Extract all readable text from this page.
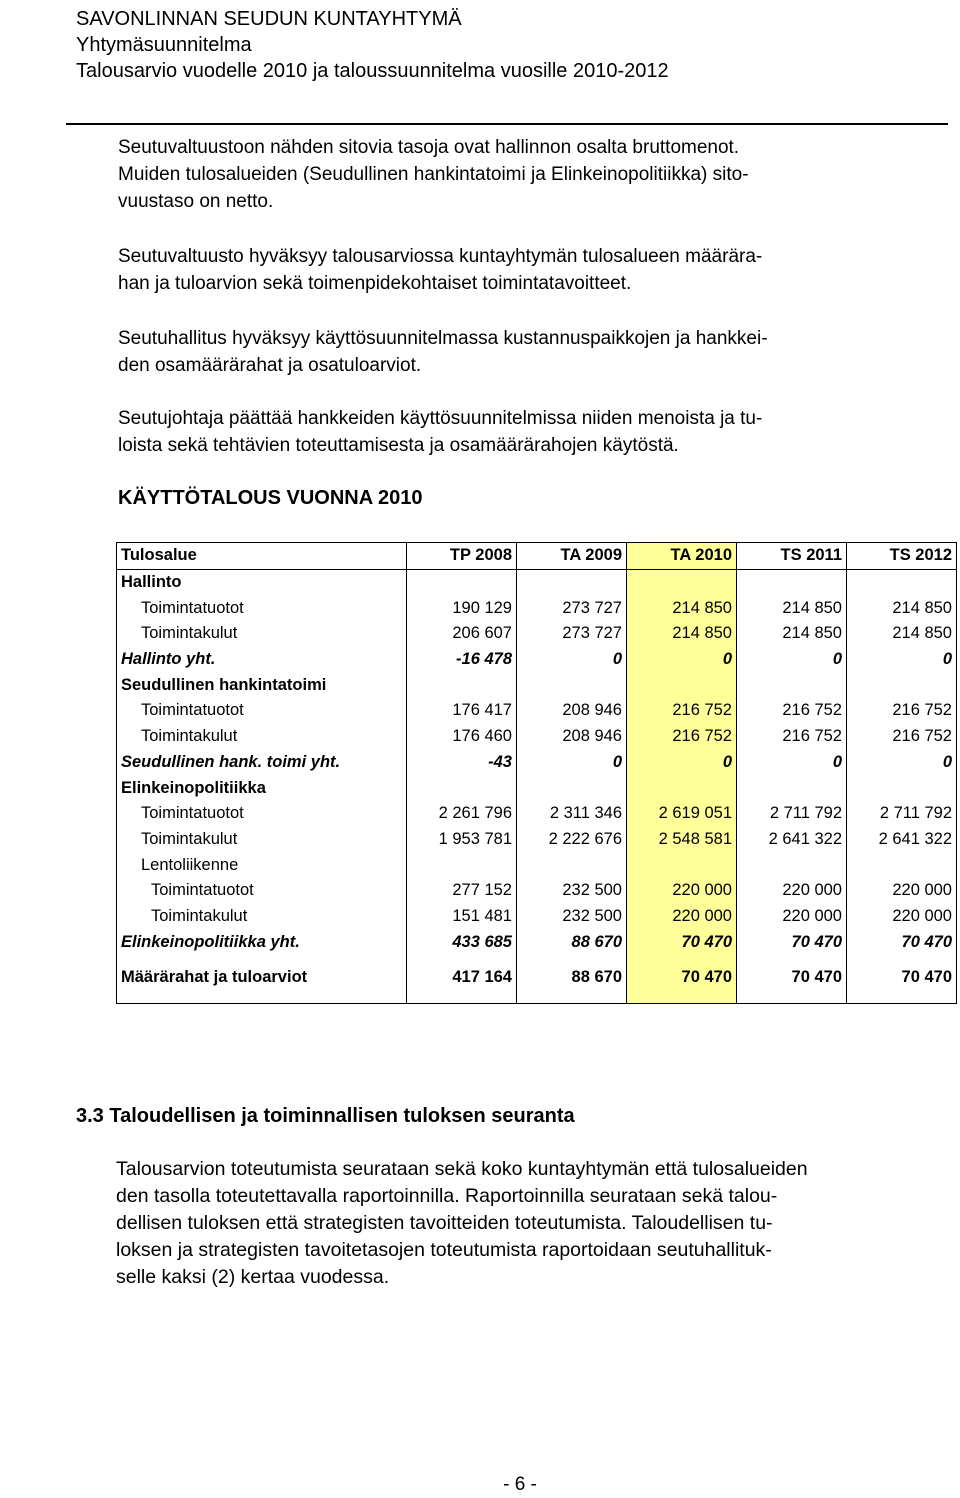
SAVONLINNAN SEUDUN KUNTAYHTYMÄ
Yhtymäsuunnitelma
Talousarvio vuodelle 2010 ja taloussuunnitelma vuosille 2010-2012
Seutuvaltuustoon nähden sitovia tasoja ovat hallinnon osalta bruttomenot.
Muiden tulosalueiden (Seudullinen hankintatoimi ja Elinkeinopolitiikka) sito-
vuustaso on netto.
Seutuvaltuusto hyväksyy talousarviossa kuntayhtymän tulosalueen määrära-
han ja tuloarvion sekä toimenpidekohtaiset toimintatavoitteet.
Seutuhallitus hyväksyy käyttösuunnitelmassa kustannuspaikkojen ja hankkei-
den osamäärärahat ja osatuloarviot.
Seutujohtaja päättää hankkeiden käyttösuunnitelmissa niiden menoista ja tu-
loista sekä tehtävien toteuttamisesta ja osamäärärahojen käytöstä.
KÄYTTÖTALOUS VUONNA 2010
Tulosalue	TP 2008	TA 2009	TA 2010	TS 2011	TS 2012
Hallinto					
Toimintatuotot	190 129	273 727	214 850	214 850	214 850
Toimintakulut	206 607	273 727	214 850	214 850	214 850
Hallinto yht.	-16 478	0	0	0	0
Seudullinen hankintatoimi					
Toimintatuotot	176 417	208 946	216 752	216 752	216 752
Toimintakulut	176 460	208 946	216 752	216 752	216 752
Seudullinen hank. toimi yht.	-43	0	0	0	0
Elinkeinopolitiikka					
Toimintatuotot	2 261 796	2 311 346	2 619 051	2 711 792	2 711 792
Toimintakulut	1 953 781	2 222 676	2 548 581	2 641 322	2 641 322
Lentoliikenne					
Toimintatuotot	277 152	232 500	220 000	220 000	220 000
Toimintakulut	151 481	232 500	220 000	220 000	220 000
Elinkeinopolitiikka yht.	433 685	88 670	70 470	70 470	70 470

Määrärahat ja tuloarviot	417 164	88 670	70 470	70 470	70 470

3.3 Taloudellisen ja toiminnallisen tuloksen seuranta
Talousarvion toteutumista seurataan sekä koko kuntayhtymän että tulosalueiden
den tasolla toteutettavalla raportoinnilla. Raportoinnilla seurataan sekä talou-
dellisen tuloksen että strategisten tavoitteiden toteutumista. Taloudellisen tu-
loksen ja strategisten tavoitetasojen toteutumista raportoidaan seutuhallituk-
selle kaksi (2) kertaa vuodessa.
- 6 -
